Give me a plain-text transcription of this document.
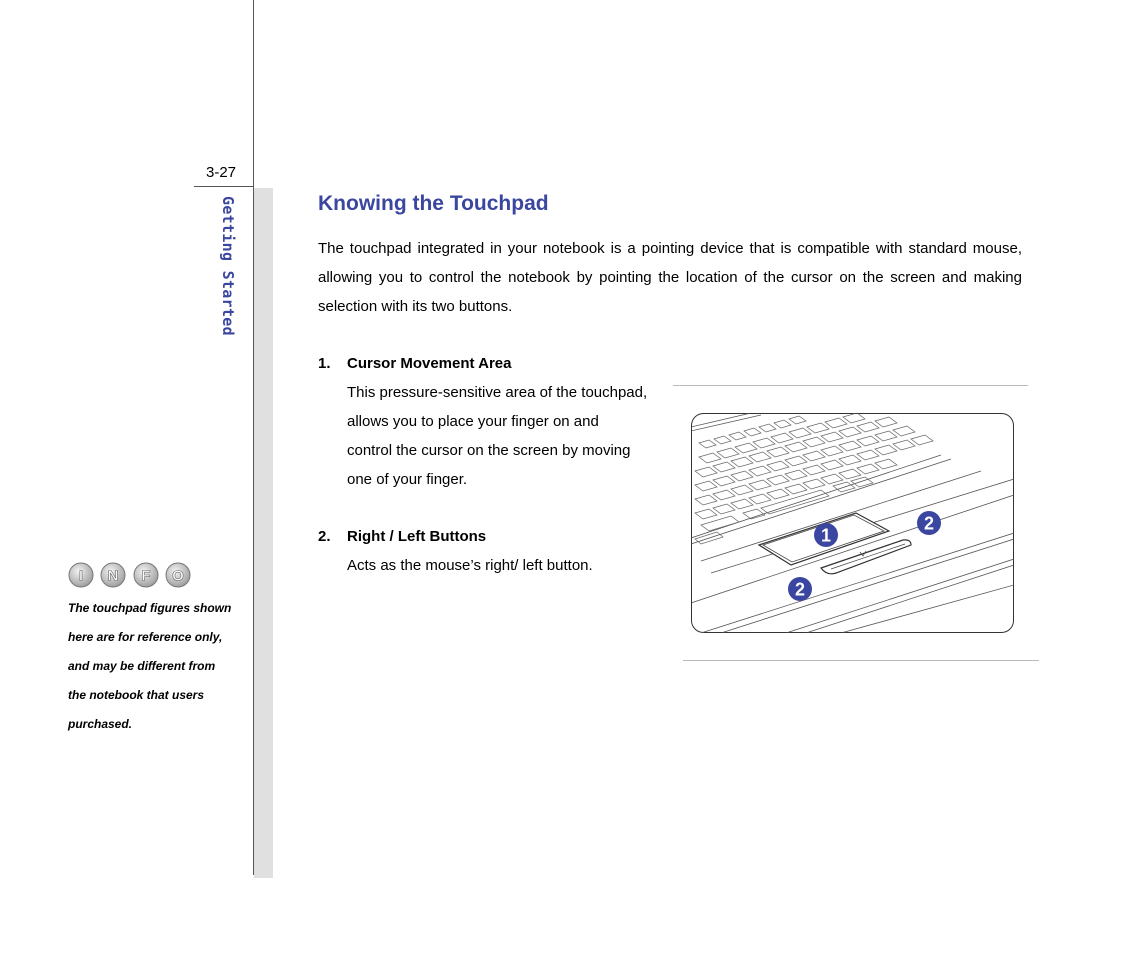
3-27
Getting Started
I N F O
The touchpad figures shown
here are for reference only,
and may be different from
the notebook that users
purchased.
Knowing the Touchpad

The touchpad integrated in your notebook is a pointing device that is compatible with standard mouse, allowing you to control the notebook by pointing the location of the cursor on the screen and making selection with its two buttons.

1. Cursor Movement Area
This pressure-sensitive area of the touchpad,
allows you to place your finger on and
control the cursor on the screen by moving
one of your finger.
2. Right / Left Buttons
Acts as the mouse’s right/ left button.
1
2
2
